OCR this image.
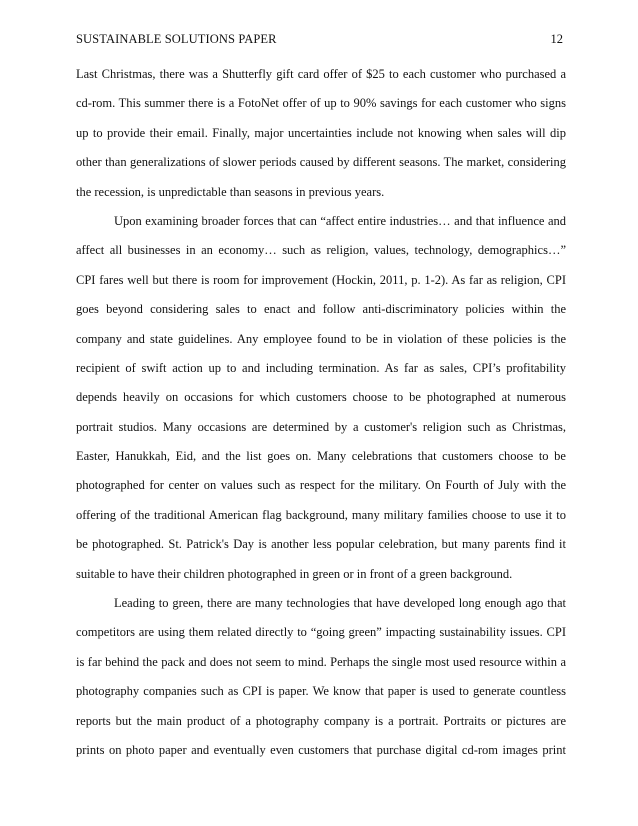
SUSTAINABLE SOLUTIONS PAPER	12
Last Christmas, there was a Shutterfly gift card offer of $25 to each customer who purchased a
cd-rom. This summer there is a FotoNet offer of up to 90% savings for each customer who signs
up to provide their email. Finally, major uncertainties include not knowing when sales will dip
other than generalizations of slower periods caused by different seasons. The market, considering
the recession, is unpredictable than seasons in previous years.
Upon examining broader forces that can “affect entire industries… and that influence and
affect all businesses in an economy… such as religion, values, technology, demographics…”
CPI fares well but there is room for improvement (Hockin, 2011, p. 1-2). As far as religion, CPI
goes beyond considering sales to enact and follow anti-discriminatory policies within the
company and state guidelines. Any employee found to be in violation of these policies is the
recipient of swift action up to and including termination. As far as sales, CPI’s profitability
depends heavily on occasions for which customers choose to be photographed at numerous
portrait studios. Many occasions are determined by a customer's religion such as Christmas,
Easter, Hanukkah, Eid, and the list goes on. Many celebrations that customers choose to be
photographed for center on values such as respect for the military. On Fourth of July with the
offering of the traditional American flag background, many military families choose to use it to
be photographed. St. Patrick's Day is another less popular celebration, but many parents find it
suitable to have their children photographed in green or in front of a green background.
Leading to green, there are many technologies that have developed long enough ago that
competitors are using them related directly to “going green” impacting sustainability issues. CPI
is far behind the pack and does not seem to mind. Perhaps the single most used resource within a
photography companies such as CPI is paper. We know that paper is used to generate countless
reports but the main product of a photography company is a portrait. Portraits or pictures are
prints on photo paper and eventually even customers that purchase digital cd-rom images print
